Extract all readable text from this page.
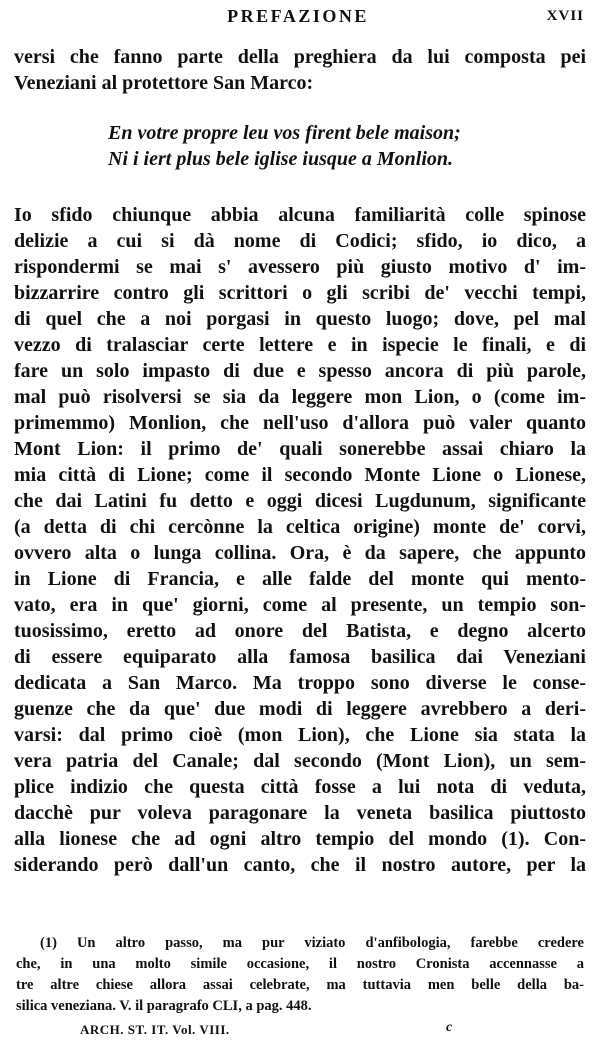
PREFAZIONE	XVII
versi che fanno parte della preghiera da lui composta pei
Veneziani al protettore San Marco:
En votre propre leu vos firent bele maison;
Ni i iert plus bele iglise iusque a Monlion.
Io sfido chiunque abbia alcuna familiarità colle spinose
delizie a cui si dà nome di Codici; sfido, io dico, a
rispondermi se mai s' avessero più giusto motivo d' im-
bizzarrire contro gli scrittori o gli scribi de' vecchi tempi,
di quel che a noi porgasi in questo luogo; dove, pel mal
vezzo di tralasciar certe lettere e in ispecie le finali, e di
fare un solo impasto di due e spesso ancora di più parole,
mal può risolversi se sia da leggere mon Lion, o (come im-
primemmo) Monlion, che nell'uso d'allora può valer quanto
Mont Lion: il primo de' quali sonerebbe assai chiaro la
mia città di Lione; come il secondo Monte Lione o Lionese,
che dai Latini fu detto e oggi dicesi Lugdunum, significante
(a detta di chi cercònne la celtica origine) monte de' corvi,
ovvero alta o lunga collina. Ora, è da sapere, che appunto
in Lione di Francia, e alle falde del monte qui mento-
vato, era in que' giorni, come al presente, un tempio son-
tuosissimo, eretto ad onore del Batista, e degno alcerto
di essere equiparato alla famosa basilica dai Veneziani
dedicata a San Marco. Ma troppo sono diverse le conse-
guenze che da que' due modi di leggere avrebbero a deri-
varsi: dal primo cioè (mon Lion), che Lione sia stata la
vera patria del Canale; dal secondo (Mont Lion), un sem-
plice indizio che questa città fosse a lui nota di veduta,
dacchè pur voleva paragonare la veneta basilica piuttosto
alla lionese che ad ogni altro tempio del mondo (1). Con-
siderando però dall'un canto, che il nostro autore, per la
(1) Un altro passo, ma pur viziato d'anfibologia, farebbe credere
che, in una molto simile occasione, il nostro Cronista accennasse a
tre altre chiese allora assai celebrate, ma tuttavia men belle della ba-
silica veneziana. V. il paragrafo CLI, a pag. 448.
ARCH. ST. IT. Vol. VIII.	c
